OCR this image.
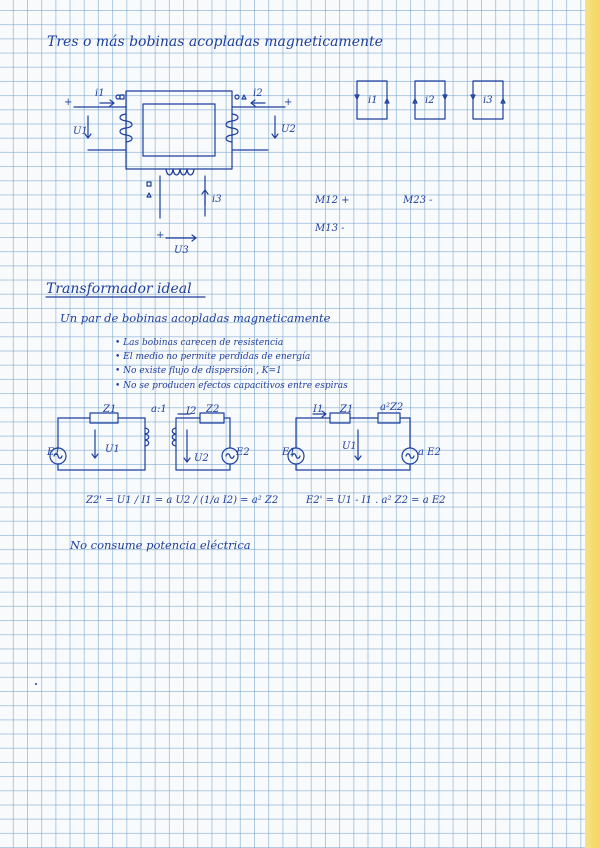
Tres o más bobinas acopladas magneticamente
i1	i2
i3
U1	U2
U3
+	+
+
i1	i2	i3
M12 +	M23 -
M13 -
Transformador ideal
Un par de bobinas acopladas magneticamente
• Las bobinas carecen de resistencia
• El medio no permite perdidas de energía
• No existe flujo de dispersión , K=1
• No se producen efectos capacitivos entre espiras
Z1	a:1 I2 Z2
E1	U1
U2
E2
I1 Z1	a²Z2
E1
U1
a E2
Z2' = U1 / I1 = a U2 / (1/a I2) = a² Z2	E2' = U1 - I1 . a² Z2 = a E2
No consume potencia eléctrica
